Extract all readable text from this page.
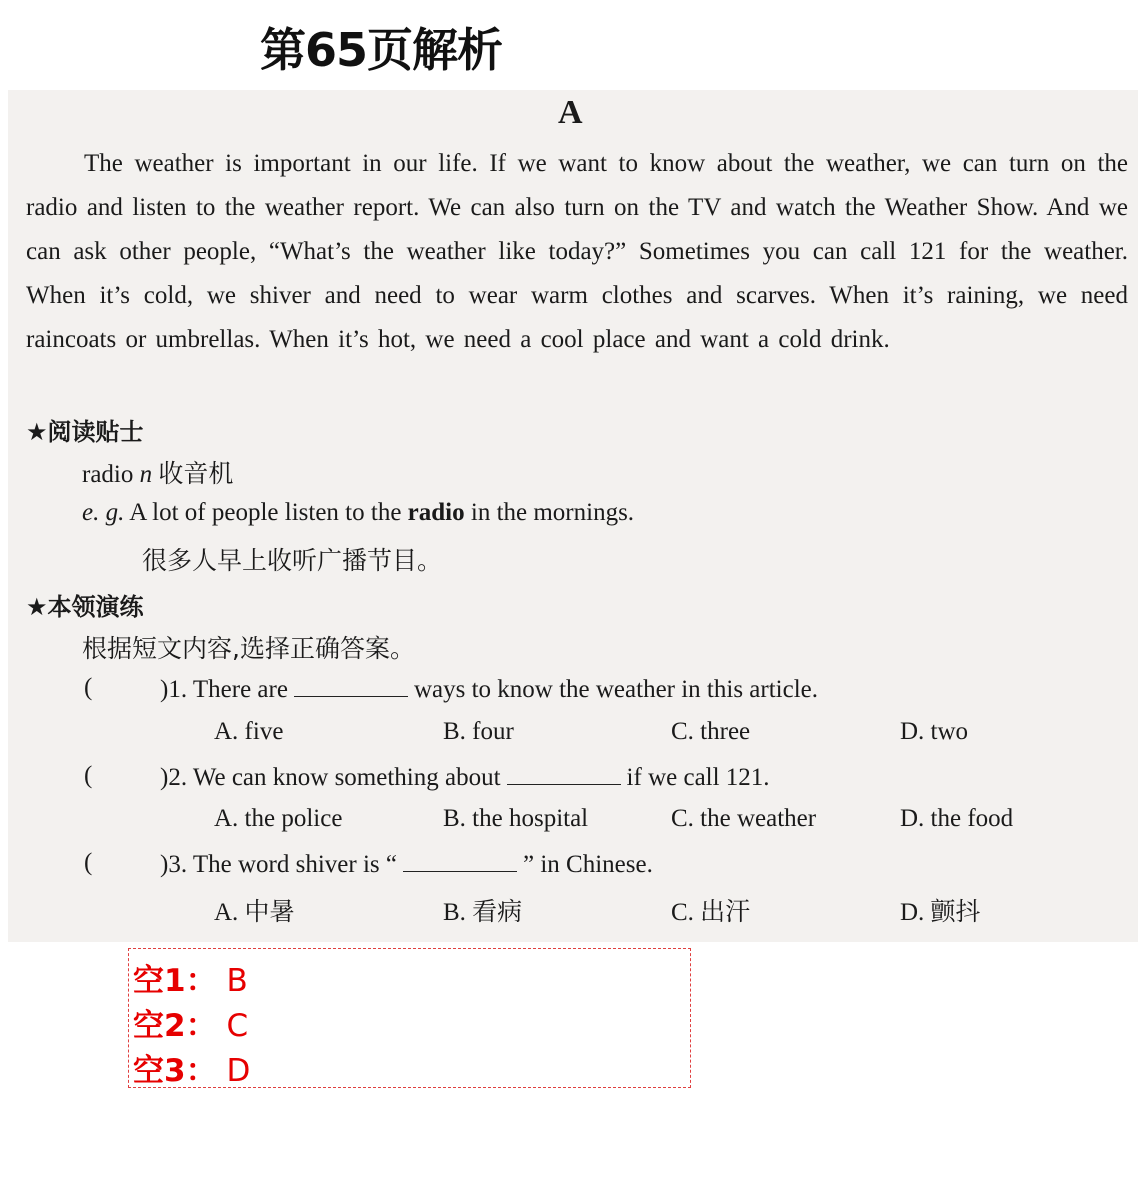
第65页解析
A

The weather is important in our life. If we want to know about the weather, we can turn on the radio and listen to the weather report. We can also turn on the TV and watch the Weather Show. And we can ask other people, “What’s the weather like today?” Sometimes you can call 121 for the weather. When it’s cold, we shiver and need to wear warm clothes and scarves. When it’s raining, we need raincoats or umbrellas. When it’s hot, we need a cool place and want a cold drink.

★阅读贴士
radio n 收音机
e. g. A lot of people listen to the radio in the mornings.
很多人早上收听广播节目。
★本领演练
根据短文内容,选择正确答案。
(	)1. There are	ways to know the weather in this article.
A. five	B. four	C. three	D. two
(	)2. We can know something about	if we call 121.
A. the police	B. the hospital	C. the weather	D. the food
(	)3. The word shiver is “	” in Chinese.
A. 中暑	B. 看病	C. 出汗	D. 颤抖
空1： B
空2： C
空3： D
